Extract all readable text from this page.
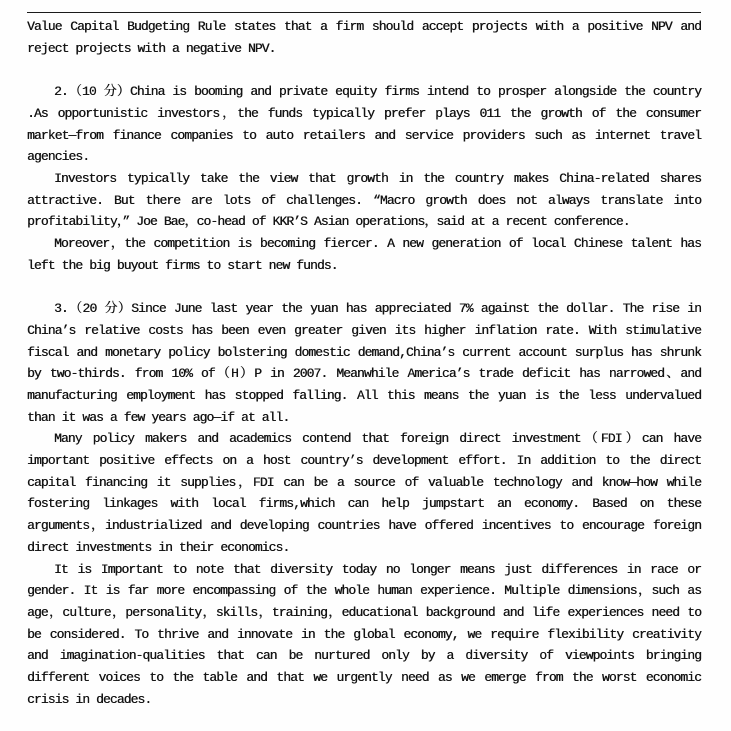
Value Capital Budgeting Rule states that a firm should accept projects with a positive NPV and reject projects with a negative NPV.

2.（10 分）China is booming and private equity firms intend to prosper alongside the country .As opportunistic investors，the funds typically prefer plays 011 the growth of the consumer market—from finance companies to auto retailers and service providers such as internet travel agencies.

Investors typically take the view that growth in the country makes China-related shares attractive. But there are lots of challenges. “Macro growth does not always translate into profitability，” Joe Bae，co-head of KKR’S Asian operations，said at a recent conference.

Moreover，the competition is becoming fiercer. A new generation of local Chinese talent has left the big buyout firms to start new funds.

3.（20 分）Since June last year the yuan has appreciated 7% against the dollar. The rise in China’s relative costs has been even greater given its higher inflation rate. With stimulative fiscal and monetary policy bolstering domestic demand,China’s current account surplus has shrunk by two-thirds. from 10% of（H）P in 2007. Meanwhile America’s trade deficit has narrowed、and manufacturing employment has stopped falling. All this means the yuan is the less undervalued than it was a few years ago—if at all.

Many policy makers and academics contend that foreign direct investment（FDI）can have important positive effects on a host country’s development effort. In addition to the direct capital financing it supplies，FDI can be a source of valuable technology and know—how while fostering linkages with local firms,which can help jumpstart an economy. Based on these arguments，industrialized and developing countries have offered incentives to encourage foreign direct investments in their economics.

It is Important to note that diversity today no longer means just differences in race or gender. It is far more encompassing of the whole human experience. Multiple dimensions，such as age，culture，personality，skills，training，educational background and life experiences need to be considered. To thrive and innovate in the global economy, we require flexibility creativity and imagination-qualities that can be nurtured only by a diversity of viewpoints bringing different voices to the table and that we urgently need as we emerge from the worst economic crisis in decades.
